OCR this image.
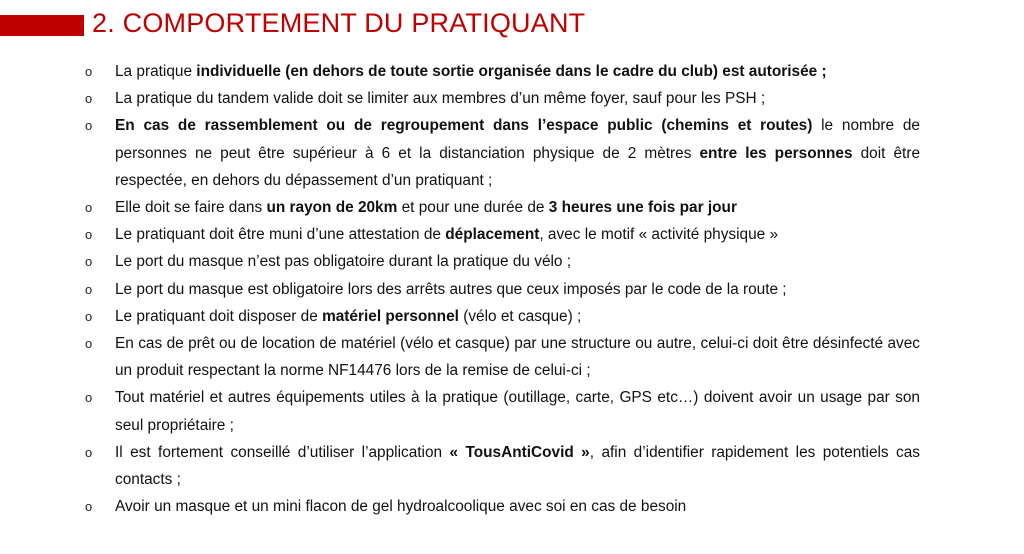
2. COMPORTEMENT DU PRATIQUANT
o La pratique individuelle (en dehors de toute sortie organisée dans le cadre du club) est autorisée ;
o La pratique du tandem valide doit se limiter aux membres d’un même foyer, sauf pour les PSH ;
o En cas de rassemblement ou de regroupement dans l’espace public (chemins et routes) le nombre de personnes ne peut être supérieur à 6 et la distanciation physique de 2 mètres entre les personnes doit être respectée, en dehors du dépassement d’un pratiquant ;
o Elle doit se faire dans un rayon de 20km et pour une durée de 3 heures une fois par jour
o Le pratiquant doit être muni d’une attestation de déplacement, avec le motif « activité physique »
o Le port du masque n’est pas obligatoire durant la pratique du vélo ;
o Le port du masque est obligatoire lors des arrêts autres que ceux imposés par le code de la route ;
o Le pratiquant doit disposer de matériel personnel (vélo et casque) ;
o En cas de prêt ou de location de matériel (vélo et casque) par une structure ou autre, celui-ci doit être désinfecté avec un produit respectant la norme NF14476 lors de la remise de celui-ci ;
o Tout matériel et autres équipements utiles à la pratique (outillage, carte, GPS etc…) doivent avoir un usage par son seul propriétaire ;
o Il est fortement conseillé d’utiliser l’application « TousAntiCovid », afin d’identifier rapidement les potentiels cas contacts ;
o Avoir un masque et un mini flacon de gel hydroalcoolique avec soi en cas de besoin
